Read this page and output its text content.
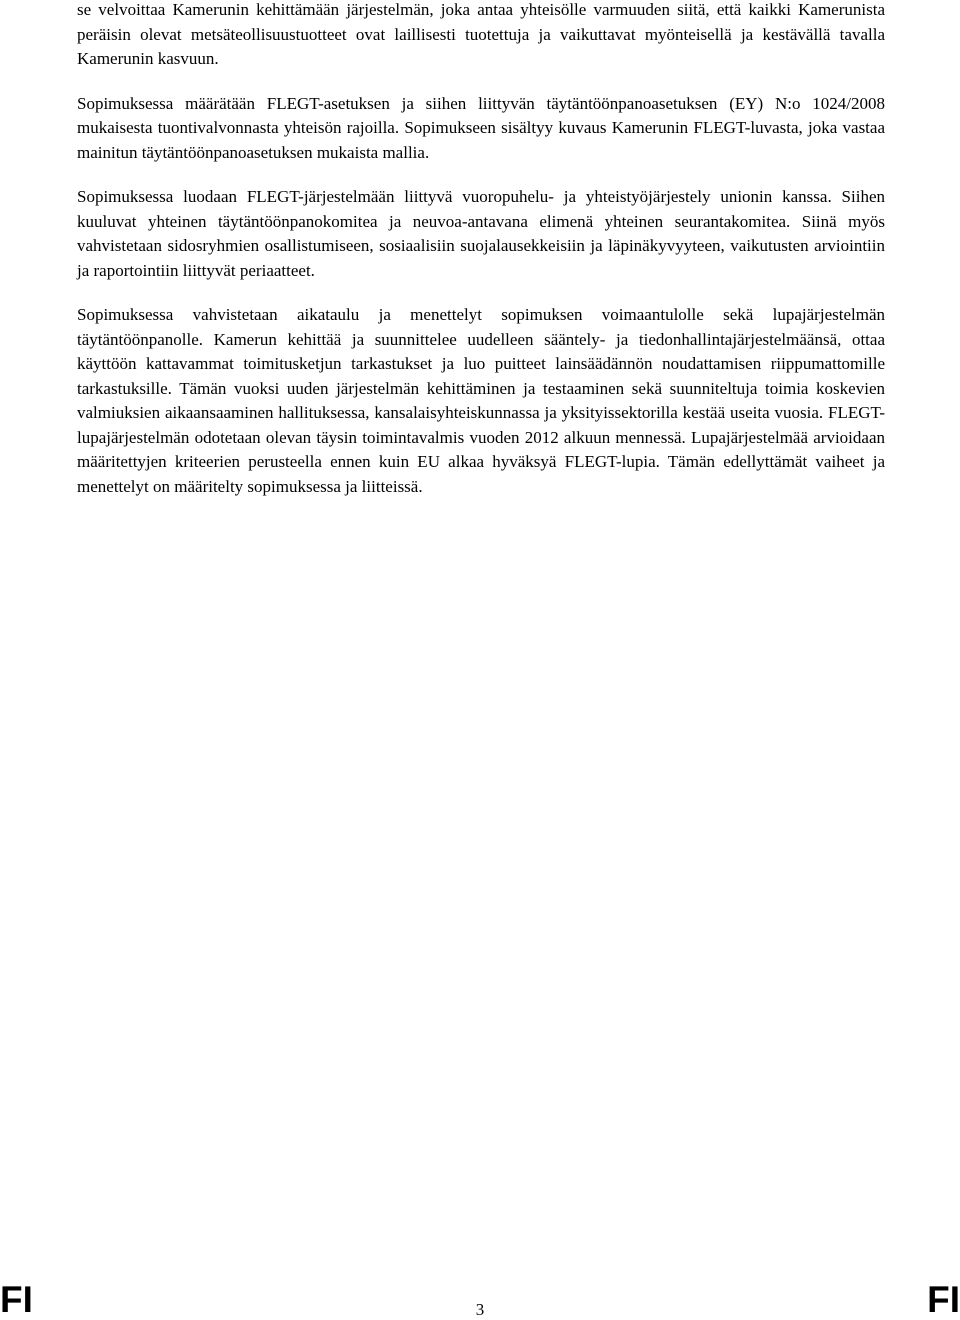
se velvoittaa Kamerunin kehittämään järjestelmän, joka antaa yhteisölle varmuuden siitä, että kaikki Kamerunista peräisin olevat metsäteollisuustuotteet ovat laillisesti tuotettuja ja vaikuttavat myönteisellä ja kestävällä tavalla Kamerunin kasvuun.

Sopimuksessa määrätään FLEGT-asetuksen ja siihen liittyvän täytäntöönpanoasetuksen (EY) N:o 1024/2008 mukaisesta tuontivalvonnasta yhteisön rajoilla. Sopimukseen sisältyy kuvaus Kamerunin FLEGT-luvasta, joka vastaa mainitun täytäntöönpanoasetuksen mukaista mallia.

Sopimuksessa luodaan FLEGT-järjestelmään liittyvä vuoropuhelu- ja yhteistyöjärjestely unionin kanssa. Siihen kuuluvat yhteinen täytäntöönpanokomitea ja neuvoa-antavana elimenä yhteinen seurantakomitea. Siinä myös vahvistetaan sidosryhmien osallistumiseen, sosiaalisiin suojalausekkeisiin ja läpinäkyvyyteen, vaikutusten arviointiin ja raportointiin liittyvät periaatteet.

Sopimuksessa vahvistetaan aikataulu ja menettelyt sopimuksen voimaantulolle sekä lupajärjestelmän täytäntöönpanolle. Kamerun kehittää ja suunnittelee uudelleen sääntely- ja tiedonhallintajärjestelmäänsä, ottaa käyttöön kattavammat toimitusketjun tarkastukset ja luo puitteet lainsäädännön noudattamisen riippumattomille tarkastuksille. Tämän vuoksi uuden järjestelmän kehittäminen ja testaaminen sekä suunniteltuja toimia koskevien valmiuksien aikaansaaminen hallituksessa, kansalaisyhteiskunnassa ja yksityissektorilla kestää useita vuosia. FLEGT-lupajärjestelmän odotetaan olevan täysin toimintavalmis vuoden 2012 alkuun mennessä. Lupajärjestelmää arvioidaan määritettyjen kriteerien perusteella ennen kuin EU alkaa hyväksyä FLEGT-lupia. Tämän edellyttämät vaiheet ja menettelyt on määritelty sopimuksessa ja liitteissä.

FI	3	FI
